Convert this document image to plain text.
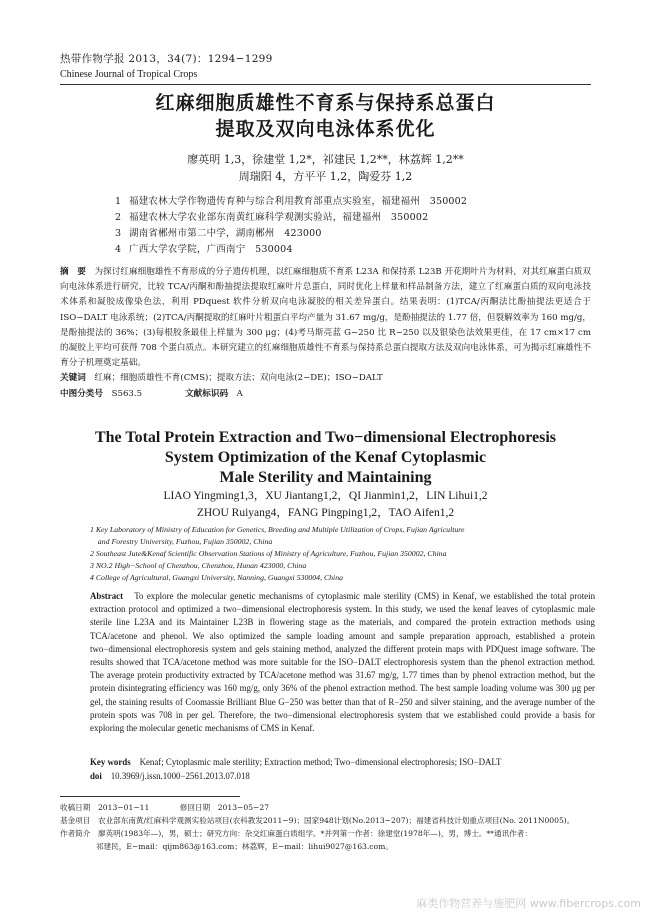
热带作物学报 2013，34(7)：1294−1299
Chinese Journal of Tropical Crops
红麻细胞质雄性不育系与保持系总蛋白
提取及双向电泳体系优化
廖英明 1,3，徐建堂 1,2*，祁建民 1,2**，林荔辉 1,2**
周瑞阳 4，方平平 1,2，陶爱芬 1,2
1 福建农林大学作物遗传育种与综合利用教育部重点实验室，福建福州　350002
2 福建农林大学农业部东南黄红麻科学观测实验站，福建福州　350002
3 湖南省郴州市第二中学，湖南郴州　423000
4 广西大学农学院，广西南宁　530004
摘　要　 为探讨红麻细胞雄性不育形成的分子遗传机理，以红麻细胞质不育系 L23A 和保持系 L23B 开花期叶片为材料，对其红麻蛋白质双向电泳体系进行研究，比较 TCA/丙酮和酚抽提法提取红麻叶片总蛋白，同时优化上样量和样品制备方法，建立了红麻蛋白质的双向电泳技术体系和凝胶成像染色法，利用 PDquest 软件分析双向电泳凝胶的相关差异蛋白。结果表明：(1)TCA/丙酮法比酚抽提法更适合于 ISO−DALT 电泳系统；(2)TCA/丙酮提取的红麻叶片粗蛋白平均产量为 31.67 mg/g，是酚抽提法的 1.77 倍，但裂解效率为 160 mg/g，是酚抽提法的 36%；(3)每根胶条最佳上样量为 300 μg；(4)考马斯亮蓝 G−250 比 R−250 以及银染色法效果更佳，在 17 cm×17 cm 的凝胶上平均可获得 708 个蛋白质点。本研究建立的红麻细胞质雄性不育系与保持系总蛋白提取方法及双向电泳体系，可为揭示红麻雄性不育分子机理奠定基础。
关键词　 红麻；细胞质雄性不育(CMS)；提取方法；双向电泳(2−DE)；ISO−DALT
中图分类号　 S563.5　　　　　	文献标识码　 A
The Total Protein Extraction and Two−dimensional Electrophoresis
System Optimization of the Kenaf Cytoplasmic
Male Sterility and Maintaining
LIAO Yingming1,3，XU Jiantang1,2，QI Jianmin1,2，LIN Lihui1,2
ZHOU Ruiyang4，FANG Pingping1,2，TAO Aifen1,2
1 Key Laboratory of Ministry of Education for Genetics, Breeding and Multiple Utilization of Crops, Fujian Agriculture
　and Forestry University, Fuzhou, Fujian 350002, China
2 Southeast Jute&Kenaf Scientific Observation Stations of Ministry of Agriculture, Fuzhou, Fujian 350002, China
3 NO.2 High−School of Chenzhou, Chenzhou, Hunan 423000, China
4 College of Agricultural, Guangxi University, Nanning, Guangxi 530004, China
Abstract　 To explore the molecular genetic mechanisms of cytoplasmic male sterility (CMS) in Kenaf, we established the total protein extraction protocol and optimized a two−dimensional electrophoresis system. In this study, we used the kenaf leaves of cytoplasmic male sterile line L23A and its Maintainer L23B in flowering stage as the materials, and compared the protein extraction methods using TCA/acetone and phenol. We also optimized the sample loading amount and sample preparation approach, established a protein two−dimensional electrophoresis system and gels staining method, analyzed the different protein maps with PDQuest image software. The results showed that TCA/acetone method was more suitable for the ISO−DALT electrophoresis system than the phenol extraction method. The average protein productivity extracted by TCA/acetone method was 31.67 mg/g, 1.77 times than by phenol extraction method, but the protein disintegrating efficiency was 160 mg/g, only 36% of the phenol extraction method. The best sample loading volume was 300 μg per gel, the staining results of Coomassie Brilliant Blue G−250 was better than that of R−250 and silver staining, and the average number of the protein spots was 708 in per gel. Therefore, the two−dimensional electrophoresis system that we established could provide a basis for exploring the molecular genetic mechanisms of CMS in Kenaf.
Key words　 Kenaf; Cytoplasmic male sterility; Extraction method; Two−dimensional electrophoresis; ISO−DALT
doi　 10.3969/j.issn.1000−2561.2013.07.018
收稿日期　 2013−01−11　　　　	修回日期　 2013−05−27
基金项目　 农业部东南黄/红麻科学观测实验站项目(农科教发2011−9)；国家948计划(No.2013−207)；福建省科技计划重点项目(No. 2011N0005)。
作者简介　 廖英明(1983年—)，男，硕士；研究方向：杂交红麻蛋白质组学。*并列第一作者：徐建堂(1978年—)，男，博士。**通讯作者：
祁建民，E−mail：qijm863@163.com；林荔辉，E−mail：lihui9027@163.com。
麻类作物营养与施肥网 www.fibercrops.com
